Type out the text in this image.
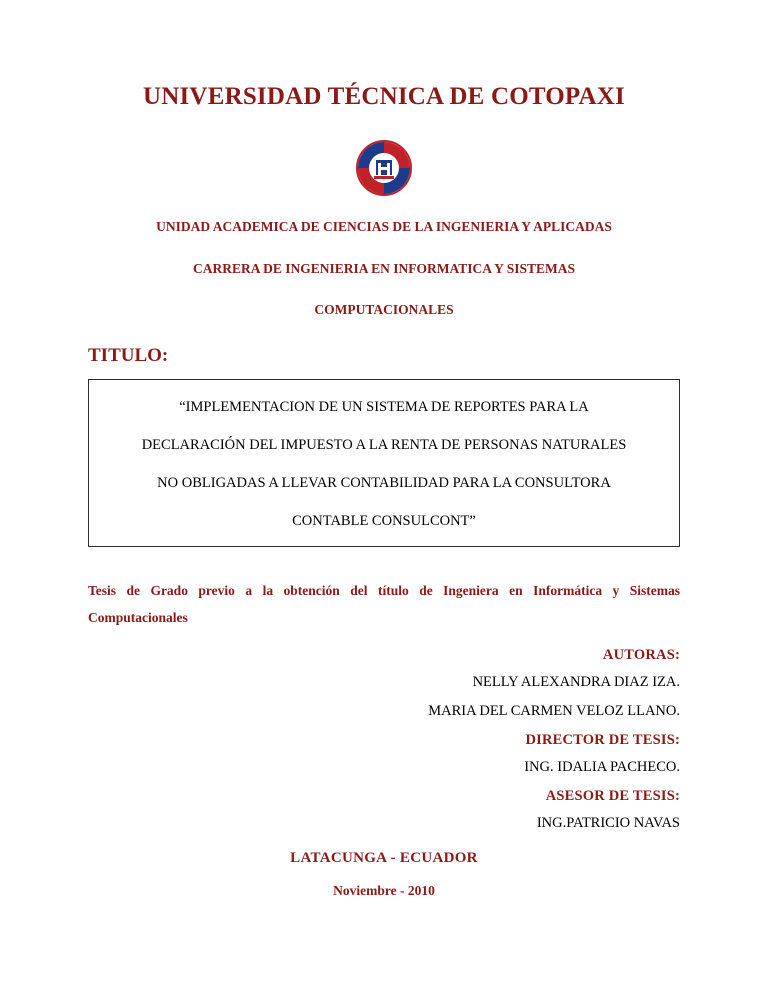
UNIVERSIDAD TÉCNICA DE COTOPAXI

UNIDAD ACADEMICA DE CIENCIAS DE LA INGENIERIA Y APLICADAS

CARRERA DE INGENIERIA EN INFORMATICA Y SISTEMAS

COMPUTACIONALES

TITULO:

“IMPLEMENTACION DE UN SISTEMA DE REPORTES PARA LA

DECLARACIÓN DEL IMPUESTO A LA RENTA DE PERSONAS NATURALES

NO OBLIGADAS A LLEVAR CONTABILIDAD PARA LA CONSULTORA

CONTABLE CONSULCONT”

Tesis de Grado previo a la obtención del título de Ingeniera en Informática y Sistemas Computacionales

AUTORAS:

NELLY ALEXANDRA DIAZ IZA.

MARIA DEL CARMEN VELOZ LLANO.

DIRECTOR DE TESIS:

ING. IDALIA PACHECO.

ASESOR DE TESIS:

ING.PATRICIO NAVAS

LATACUNGA - ECUADOR

Noviembre - 2010
